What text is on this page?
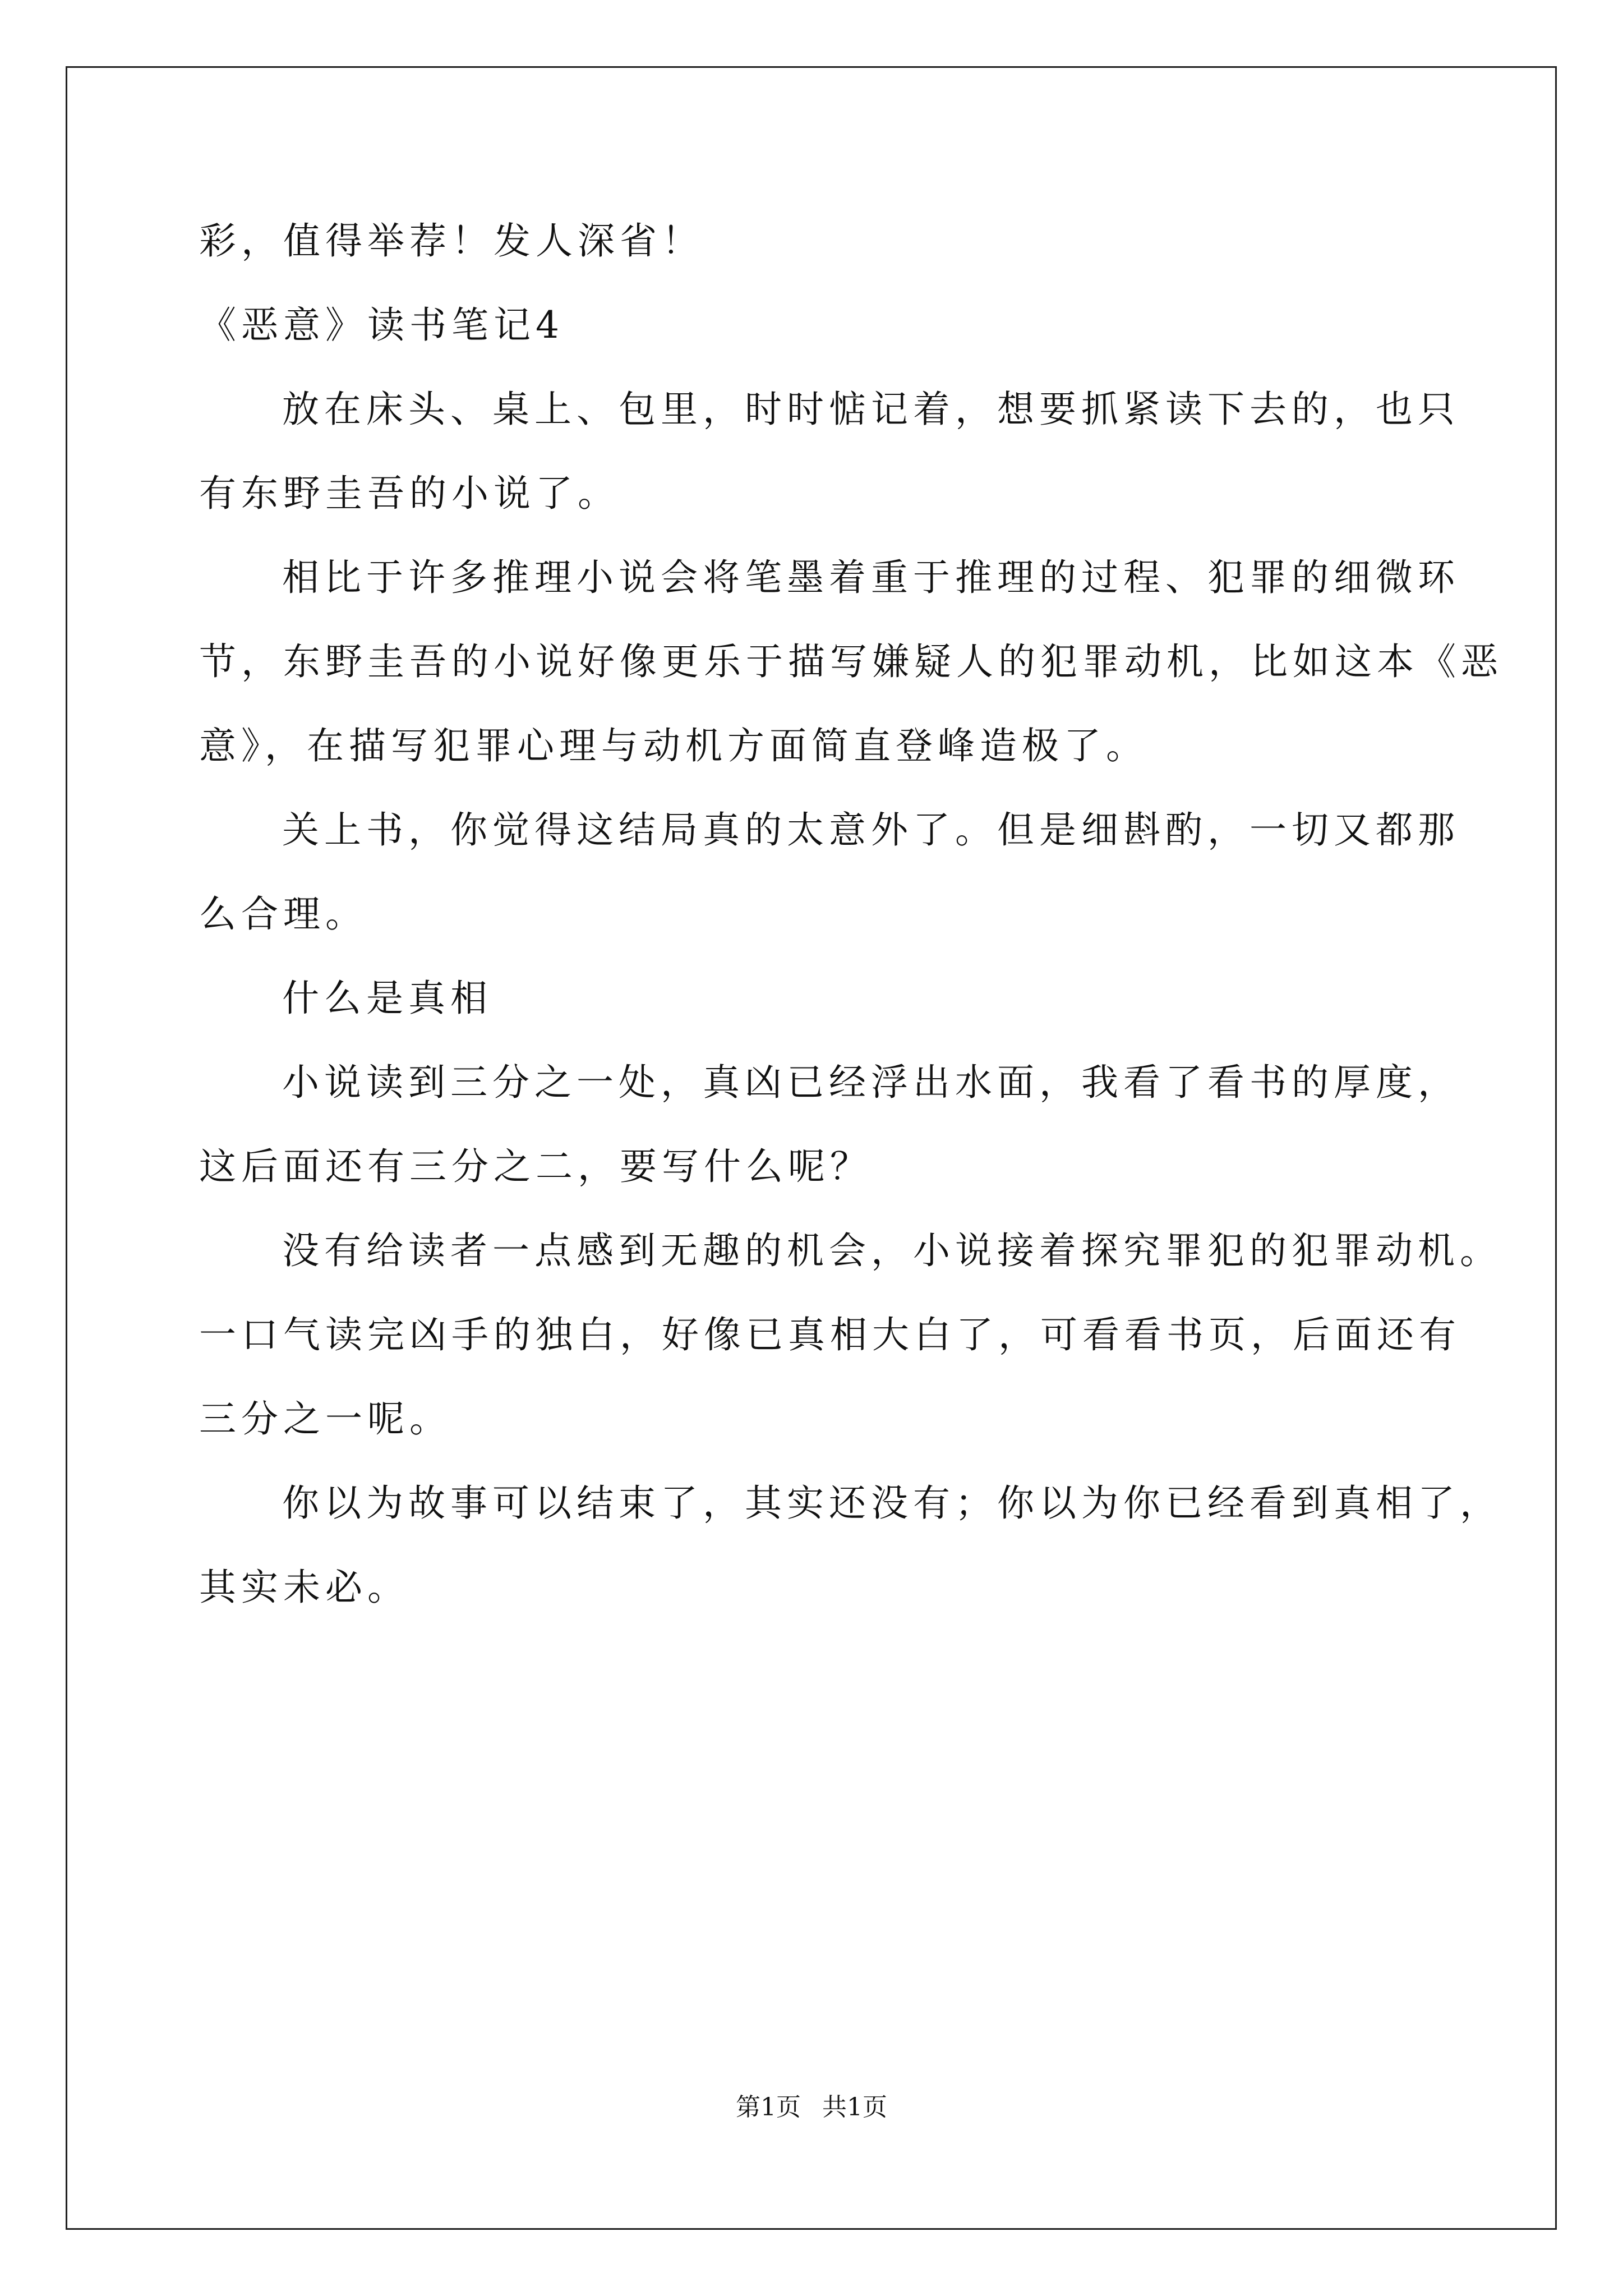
彩，值得举荐！发人深省！
《恶意》读书笔记4
放在床头、桌上、包里，时时惦记着，想要抓紧读下去的，也只
有东野圭吾的小说了。
相比于许多推理小说会将笔墨着重于推理的过程、犯罪的细微环
节，东野圭吾的小说好像更乐于描写嫌疑人的犯罪动机，比如这本《恶
意》，在描写犯罪心理与动机方面简直登峰造极了。
关上书，你觉得这结局真的太意外了。但是细斟酌，一切又都那
么合理。
什么是真相
小说读到三分之一处，真凶已经浮出水面，我看了看书的厚度，
这后面还有三分之二，要写什么呢？
没有给读者一点感到无趣的机会，小说接着探究罪犯的犯罪动机。
一口气读完凶手的独白，好像已真相大白了，可看看书页，后面还有
三分之一呢。
你以为故事可以结束了，其实还没有；你以为你已经看到真相了，
其实未必。
第1页 共1页
